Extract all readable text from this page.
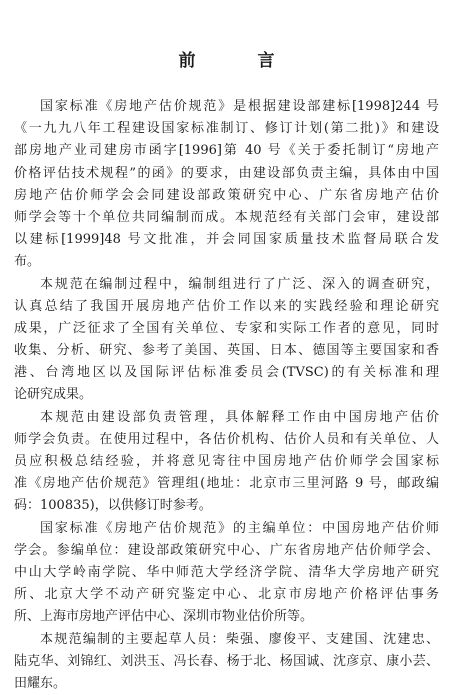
前 言

国家标准《房地产估价规范》是根据建设部建标[1998]244 号
《一九九八年工程建设国家标准制订、修订计划(第二批)》和建设
部房地产业司建房市函字[1996]第 40 号《关于委托制订“房地产
价格评估技术规程”的函》的要求，由建设部负责主编，具体由中国
房地产估价师学会会同建设部政策研究中心、广东省房地产估价
师学会等十个单位共同编制而成。本规范经有关部门会审，建设部
以建标[1999]48 号文批准，并会同国家质量技术监督局联合发
布。

本规范在编制过程中，编制组进行了广泛、深入的调查研究，
认真总结了我国开展房地产估价工作以来的实践经验和理论研究
成果，广泛征求了全国有关单位、专家和实际工作者的意见，同时
收集、分析、研究、参考了美国、英国、日本、德国等主要国家和香
港、台湾地区以及国际评估标准委员会(TVSC)的有关标准和理
论研究成果。

本规范由建设部负责管理，具体解释工作由中国房地产估价
师学会负责。在使用过程中，各估价机构、估价人员和有关单位、人
员应积极总结经验，并将意见寄往中国房地产估价师学会国家标
准《房地产估价规范》管理组(地址：北京市三里河路 9 号，邮政编
码：100835)，以供修订时参考。

国家标准《房地产估价规范》的主编单位：中国房地产估价师
学会。参编单位：建设部政策研究中心、广东省房地产估价师学会、
中山大学岭南学院、华中师范大学经济学院、清华大学房地产研究
所、北京大学不动产研究鉴定中心、北京市房地产价格评估事务
所、上海市房地产评估中心、深圳市物业估价所等。

本规范编制的主要起草人员：柴强、廖俊平、支建国、沈建忠、
陆克华、刘锦红、刘洪玉、冯长春、杨于北、杨国诚、沈彦京、康小芸、
田耀东。
